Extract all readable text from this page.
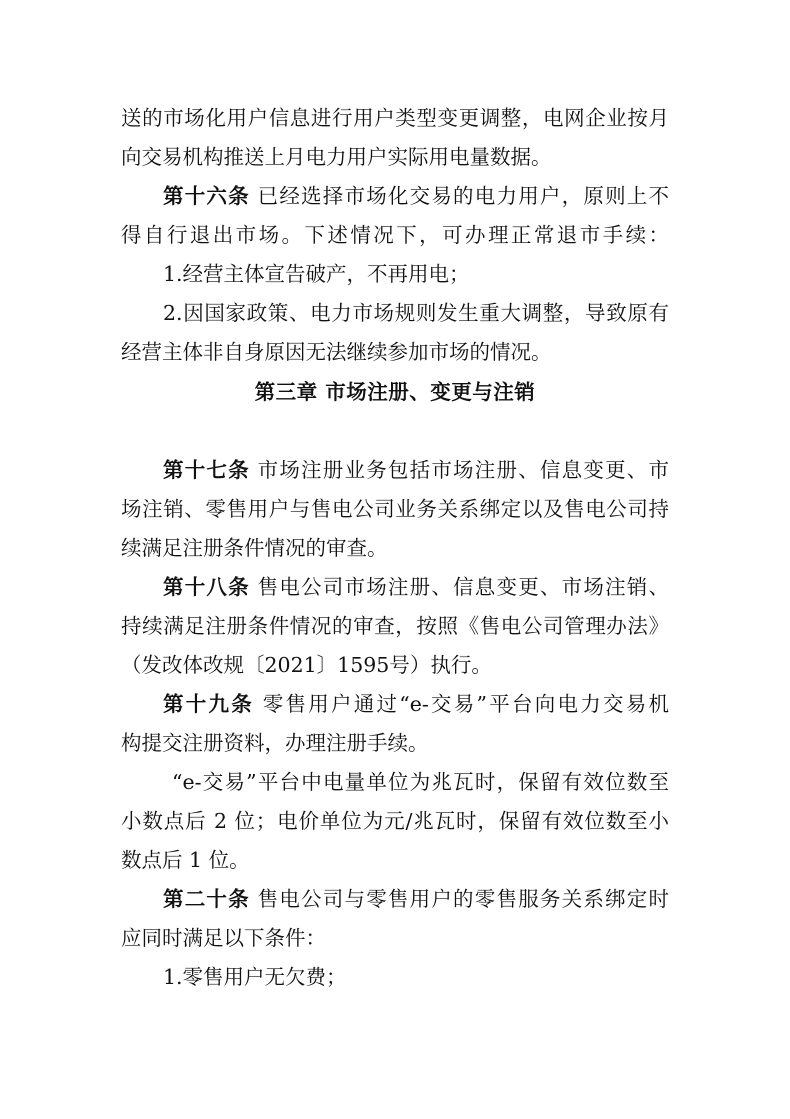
送的市场化用户信息进行用户类型变更调整，电网企业按月
向交易机构推送上月电力用户实际用电量数据。
第十六条 已经选择市场化交易的电力用户，原则上不
得自行退出市场。下述情况下，可办理正常退市手续：
1.经营主体宣告破产，不再用电；
2.因国家政策、电力市场规则发生重大调整，导致原有
经营主体非自身原因无法继续参加市场的情况。
第三章 市场注册、变更与注销
第十七条 市场注册业务包括市场注册、信息变更、市
场注销、零售用户与售电公司业务关系绑定以及售电公司持
续满足注册条件情况的审查。
第十八条 售电公司市场注册、信息变更、市场注销、
持续满足注册条件情况的审查，按照《售电公司管理办法》
（发改体改规〔2021〕1595号）执行。
第十九条 零售用户通过“e-交易”平台向电力交易机
构提交注册资料，办理注册手续。
“e-交易”平台中电量单位为兆瓦时，保留有效位数至
小数点后 2 位；电价单位为元/兆瓦时，保留有效位数至小
数点后 1 位。
第二十条 售电公司与零售用户的零售服务关系绑定时
应同时满足以下条件：
1.零售用户无欠费；
